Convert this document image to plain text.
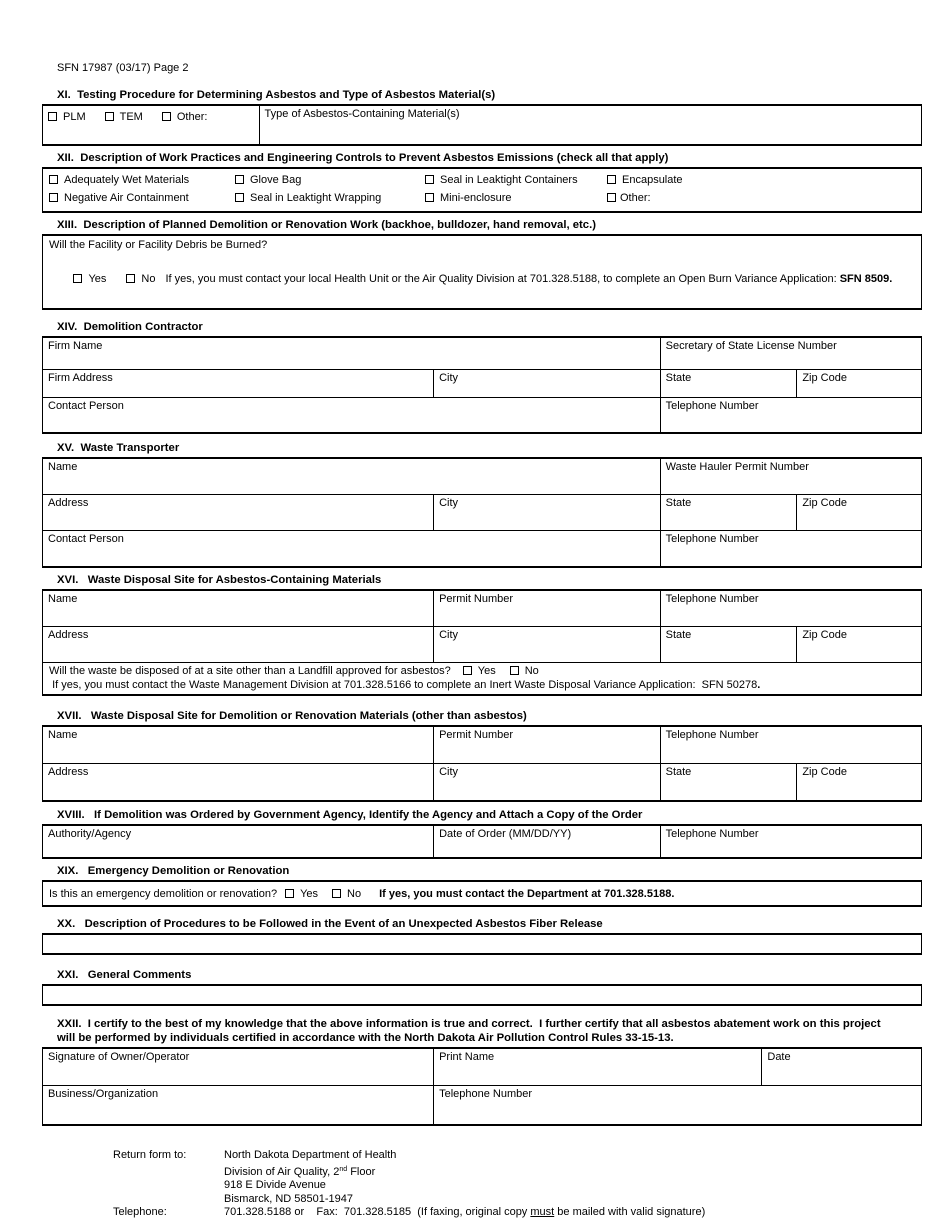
SFN 17987 (03/17) Page 2
XI.  Testing Procedure for Determining Asbestos and Type of Asbestos Material(s)
PLM	TEM	Other:	Type of Asbestos-Containing Material(s)
XII.  Description of Work Practices and Engineering Controls to Prevent Asbestos Emissions (check all that apply)
Adequately Wet Materials	Glove Bag	Seal in Leaktight Containers	Encapsulate
Negative Air Containment	Seal in Leaktight Wrapping	Mini-enclosure	Other:
XIII.  Description of Planned Demolition or Renovation Work (backhoe, bulldozer, hand removal, etc.)
Will the Facility or Facility Debris be Burned?

Yes	No If yes, you must contact your local Health Unit or the Air Quality Division at 701.328.5188, to complete an Open Burn Variance Application: SFN 8509.

XIV.  Demolition Contractor
Firm Name	Secretary of State License Number
Firm Address	City	State	Zip Code
Contact Person	Telephone Number
XV.  Waste Transporter
Name	Waste Hauler Permit Number
Address	City	State	Zip Code
Contact Person	Telephone Number
XVI.   Waste Disposal Site for Asbestos-Containing Materials
Name	Permit Number	Telephone Number
Address	City	State	Zip Code
Will the waste be disposed of at a site other than a Landfill approved for asbestos? Yes	No
If yes, you must contact the Waste Management Division at 701.328.5166 to complete an Inert Waste Disposal Variance Application:  SFN 50278.
XVII.   Waste Disposal Site for Demolition or Renovation Materials (other than asbestos)
Name	Permit Number	Telephone Number
Address	City	State	Zip Code
XVIII.   If Demolition was Ordered by Government Agency, Identify the Agency and Attach a Copy of the Order
Authority/Agency	Date of Order (MM/DD/YY)	Telephone Number
XIX.   Emergency Demolition or Renovation
Is this an emergency demolition or renovation? Yes	No If yes, you must contact the Department at 701.328.5188.
XX.   Description of Procedures to be Followed in the Event of an Unexpected Asbestos Fiber Release
XXI.   General Comments
XXII.  I certify to the best of my knowledge that the above information is true and correct.  I further certify that all asbestos abatement work on this project
will be performed by individuals certified in accordance with the North Dakota Air Pollution Control Rules 33-15-13.
Signature of Owner/Operator	Print Name	Date
Business/Organization	Telephone Number
Return form to:	North Dakota Department of Health
Division of Air Quality, 2nd Floor
918 E Divide Avenue
Bismarck, ND 58501-1947
Telephone:	701.328.5188 or    Fax:  701.328.5185  (If faxing, original copy must be mailed with valid signature)
